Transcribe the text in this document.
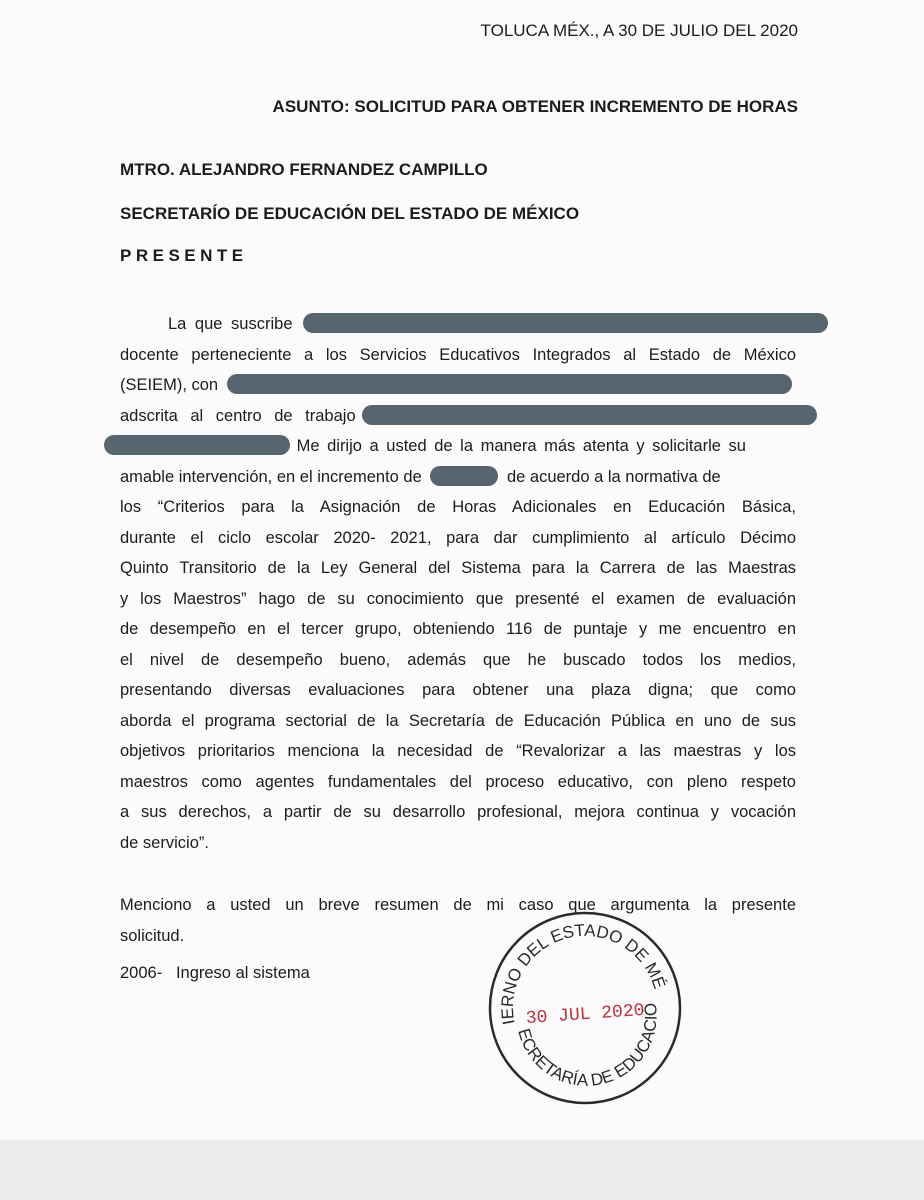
TOLUCA MÉX., A 30 DE JULIO DEL 2020
ASUNTO: SOLICITUD PARA OBTENER INCREMENTO DE HORAS
MTRO. ALEJANDRO FERNANDEZ CAMPILLO
SECRETARÍO DE EDUCACIÓN DEL ESTADO DE MÉXICO
PRESENTE
La que suscribe
docente perteneciente a los Servicios Educativos Integrados al Estado de México
(SEIEM), con
adscrita al centro de trabajo
Me dirijo a usted de la manera más atenta y solicitarle su
amable intervención, en el incremento de	de acuerdo a la normativa de
los “Criterios para la Asignación de Horas Adicionales en Educación Básica,
durante el ciclo escolar 2020- 2021, para dar cumplimiento al artículo Décimo
Quinto Transitorio de la Ley General del Sistema para la Carrera de las Maestras
y los Maestros” hago de su conocimiento que presenté el examen de evaluación
de desempeño en el tercer grupo, obteniendo 116 de puntaje y me encuentro en
el nivel de desempeño bueno, además que he buscado todos los medios,
presentando diversas evaluaciones para obtener una plaza digna; que como
aborda el programa sectorial de la Secretaría de Educación Pública en uno de sus
objetivos prioritarios menciona la necesidad de “Revalorizar a las maestras y los
maestros como agentes fundamentales del proceso educativo, con pleno respeto
a sus derechos, a partir de su desarrollo profesional, mejora continua y vocación
de servicio”.
Menciono a usted un breve resumen de mi caso que argumenta la presente
solicitud.
2006-   Ingreso al sistema
GOBIERNO DEL ESTADO DE MÉXICO
SECRETARÍA DE EDUCACIÓN
30 JUL 2020
